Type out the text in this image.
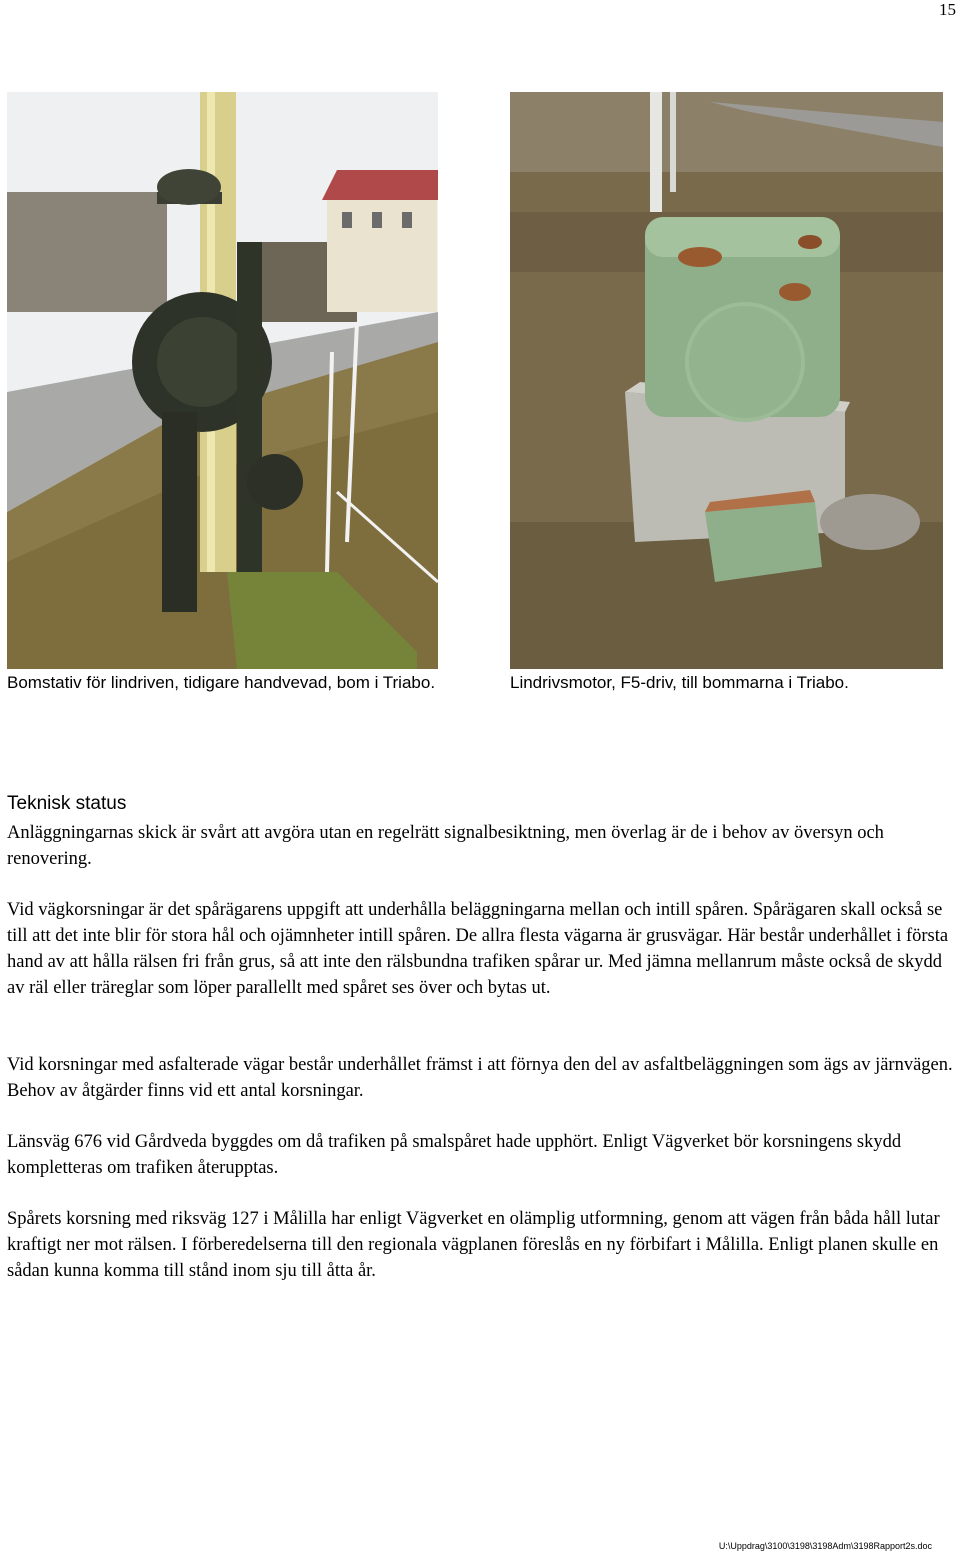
15
Bomstativ för lindriven, tidigare handvevad, bom i Triabo.	Lindrivsmotor, F5-driv, till bommarna i Triabo.
Teknisk status

Anläggningarnas skick är svårt att avgöra utan en regelrätt signalbesiktning, men överlag är de i behov av översyn och renovering.

Vid vägkorsningar är det spårägarens uppgift att underhålla beläggningarna mellan och intill spåren. Spårägaren skall också se till att det inte blir för stora hål och ojämnheter intill spåren. De allra flesta vägarna är grusvägar. Här består underhållet i första hand av att hålla rälsen fri från grus, så att inte den rälsbundna trafiken spårar ur. Med jämna mellanrum måste också de skydd av räl eller träreglar som löper parallellt med spåret ses över och bytas ut.

Vid korsningar med asfalterade vägar består underhållet främst i att förnya den del av asfaltbeläggningen som ägs av järnvägen. Behov av åtgärder finns vid ett antal korsningar.

Länsväg 676 vid Gårdveda byggdes om då trafiken på smalspåret hade upphört. Enligt Vägverket bör korsningens skydd kompletteras om trafiken återupptas.

Spårets korsning med riksväg 127 i Målilla har enligt Vägverket en olämplig utformning, genom att vägen från båda håll lutar kraftigt ner mot rälsen. I förberedelserna till den regionala vägplanen föreslås en ny förbifart i Målilla. Enligt planen skulle en sådan kunna komma till stånd inom sju till åtta år.

U:\Uppdrag\3100\3198\3198Adm\3198Rapport2s.doc
